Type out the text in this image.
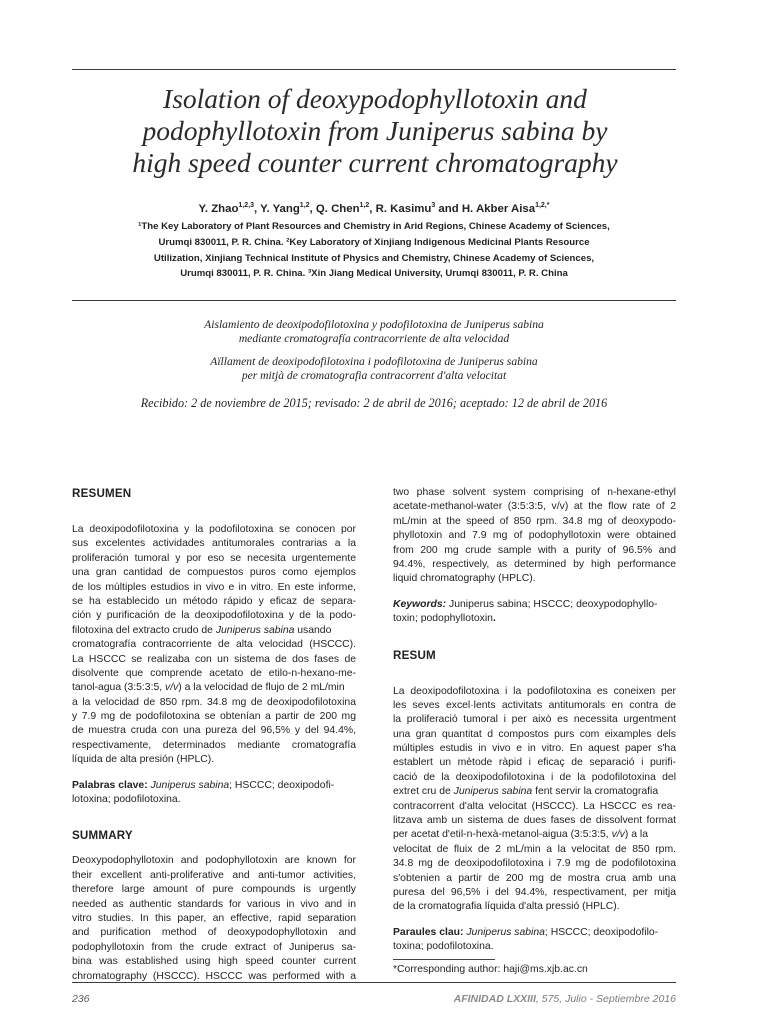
Isolation of deoxypodophyllotoxin and
podophyllotoxin from Juniperus sabina by
high speed counter current chromatography
Y. Zhao$^{1,2,3}$, Y. Yang$^{1,2}$, Q. Chen$^{1,2}$, R. Kasimu$^3$ and H. Akber Aisa$^{1,2,*}$
¹The Key Laboratory of Plant Resources and Chemistry in Arid Regions, Chinese Academy of Sciences,
Urumqi 830011, P. R. China. ²Key Laboratory of Xinjiang Indigenous Medicinal Plants Resource
Utilization, Xinjiang Technical Institute of Physics and Chemistry, Chinese Academy of Sciences,
Urumqi 830011, P. R. China. ³Xin Jiang Medical University, Urumqi 830011, P. R. China
Aislamiento de deoxipodofilotoxina y podofilotoxina de Juniperus sabina
mediante cromatografía contracorriente de alta velocidad
Aïllament de deoxipodofilotoxina i podofilotoxina de Juniperus sabina
per mitjà de cromatografia contracorrent d'alta velocitat
Recibido: 2 de noviembre de 2015; revisado: 2 de abril de 2016; aceptado: 12 de abril de 2016
RESUMEN
La deoxipodofilotoxina y la podofilotoxina se conocen por
sus excelentes actividades antitumorales contrarias a la
proliferación tumoral y por eso se necesita urgentemente
una gran cantidad de compuestos puros como ejemplos
de los múltiples estudios in vivo e in vitro. En este informe,
se ha establecido un método rápido y eficaz de separa-
ción y purificación de la deoxipodofilotoxina y de la podo-
filotoxina del extracto crudo de Juniperus sabina usando
cromatografía contracorriente de alta velocidad (HSCCC).
La HSCCC se realizaba con un sistema de dos fases de
disolvente que comprende acetato de etilo-n-hexano-me-
tanol-agua (3:5:3:5, v/v) a la velocidad de flujo de 2 mL/min
a la velocidad de 850 rpm. 34.8 mg de deoxipodofilotoxina
y 7.9 mg de podofilotoxina se obtenían a partir de 200 mg
de muestra cruda con una pureza del 96,5% y del 94.4%,
respectivamente, determinados mediante cromatografía
líquida de alta presión (HPLC).
Palabras clave: Juniperus sabina; HSCCC; deoxipodofi-
lotoxina; podofilotoxina.
SUMMARY
Deoxypodophyllotoxin and podophyllotoxin are known for
their excellent anti-proliferative and anti-tumor activities,
therefore large amount of pure compounds is urgently
needed as authentic standards for various in vivo and in
vitro studies. In this paper, an effective, rapid separation
and purification method of deoxypodophyllotoxin and
podophyllotoxin from the crude extract of Juniperus sa-
bina was established using high speed counter current
chromatography (HSCCC). HSCCC was performed with a
two phase solvent system comprising of n-hexane-ethyl
acetate-methanol-water (3:5:3:5, v/v) at the flow rate of 2
mL/min at the speed of 850 rpm. 34.8 mg of deoxypodo-
phyllotoxin and 7.9 mg of podophyllotoxin were obtained
from 200 mg crude sample with a purity of 96.5% and
94.4%, respectively, as determined by high performance
liquid chromatography (HPLC).
Keywords: Juniperus sabina; HSCCC; deoxypodophyllo-
toxin; podophyllotoxin.
RESUM
La deoxipodofilotoxina i la podofilotoxina es coneixen per
les seves excel·lents activitats antitumorals en contra de
la proliferació tumoral i per això es necessita urgentment
una gran quantitat d compostos purs com eixamples dels
múltiples estudis in vivo e in vitro. En aquest paper s'ha
establert un mètode ràpid i eficaç de separació i purifi-
cació de la deoxipodofilotoxina i de la podofilotoxina del
extret cru de Juniperus sabina fent servir la cromatografia
contracorrent d'alta velocitat (HSCCC). La HSCCC es rea-
litzava amb un sistema de dues fases de dissolvent format
per acetat d'etil-n-hexà-metanol-aigua (3:5:3:5, v/v) a la
velocitat de fluix de 2 mL/min a la velocitat de 850 rpm.
34.8 mg de deoxipodofilotoxina i 7.9 mg de podofilotoxina
s'obtenien a partir de 200 mg de mostra crua amb una
puresa del 96,5% i del 94.4%, respectivament, per mitja
de la cromatografia líquida d'alta pressió (HPLC).
Paraules clau: Juniperus sabina; HSCCC; deoxipodofilo-
toxina; podofilotoxina.
*Corresponding author: haji@ms.xjb.ac.cn
236	AFINIDAD LXXIII, 575, Julio - Septiembre 2016
